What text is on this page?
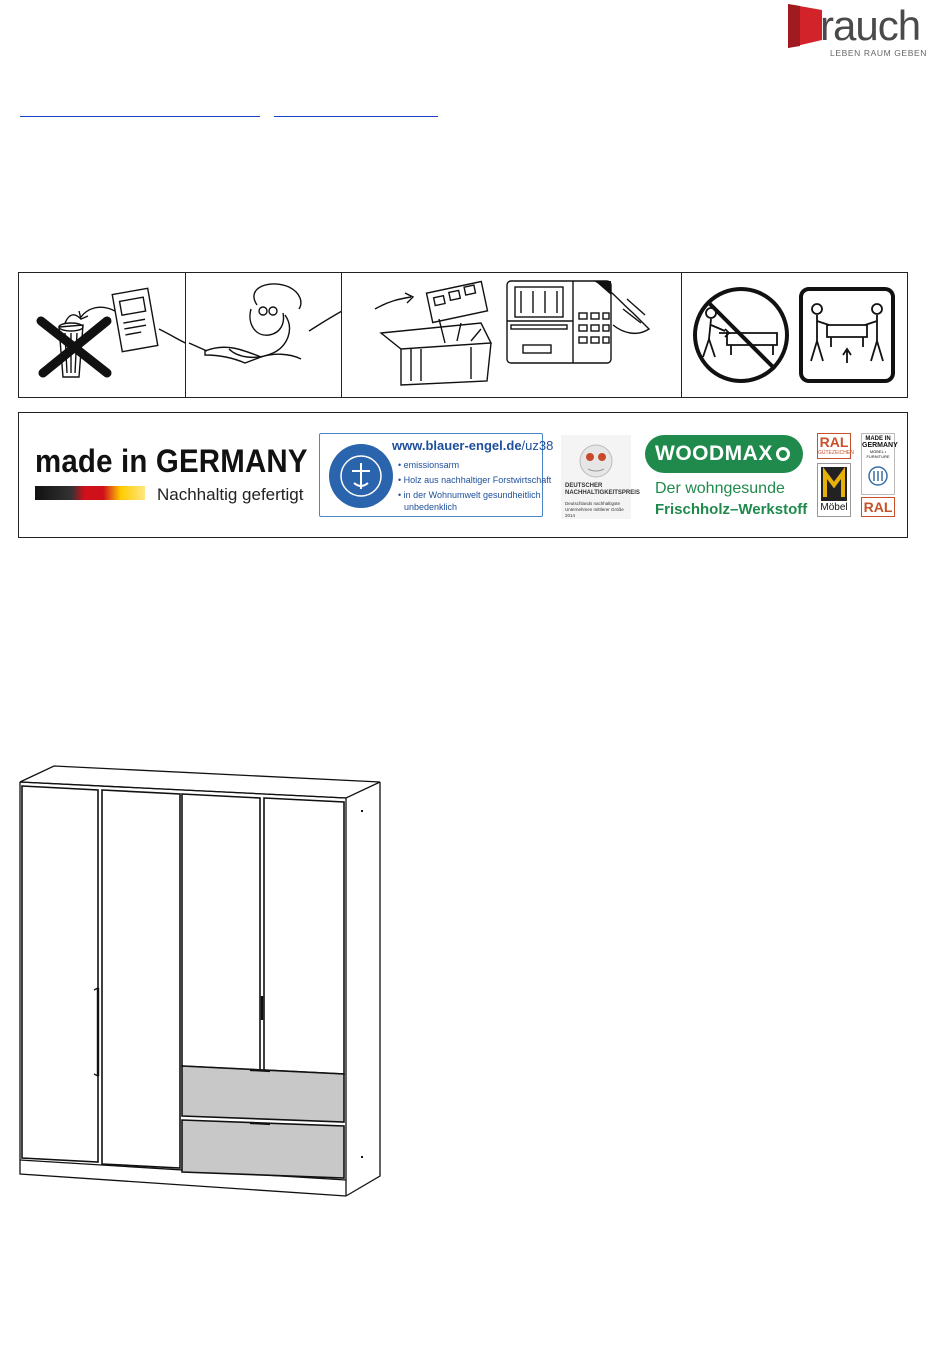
rauch
LEBEN RAUM GEBEN
made in GERMANY
Nachhaltig gefertigt
www.blauer-engel.de/uz38
• emissionsarm
• Holz aus nachhaltiger Forstwirtschaft
• in der Wohnumwelt gesundheitlich
unbedenklich
DEUTSCHER NACHHALTIGKEITSPREIS
Deutschlands nachhaltigste Unternehmen mittlerer Größe 2014
WOODMAX
Der wohngesunde
Frischholz–Werkstoff
RAL
GÜTEZEICHEN
Möbel
MADE IN
GERMANY
MÖBEL • FURNITURE
RAL
